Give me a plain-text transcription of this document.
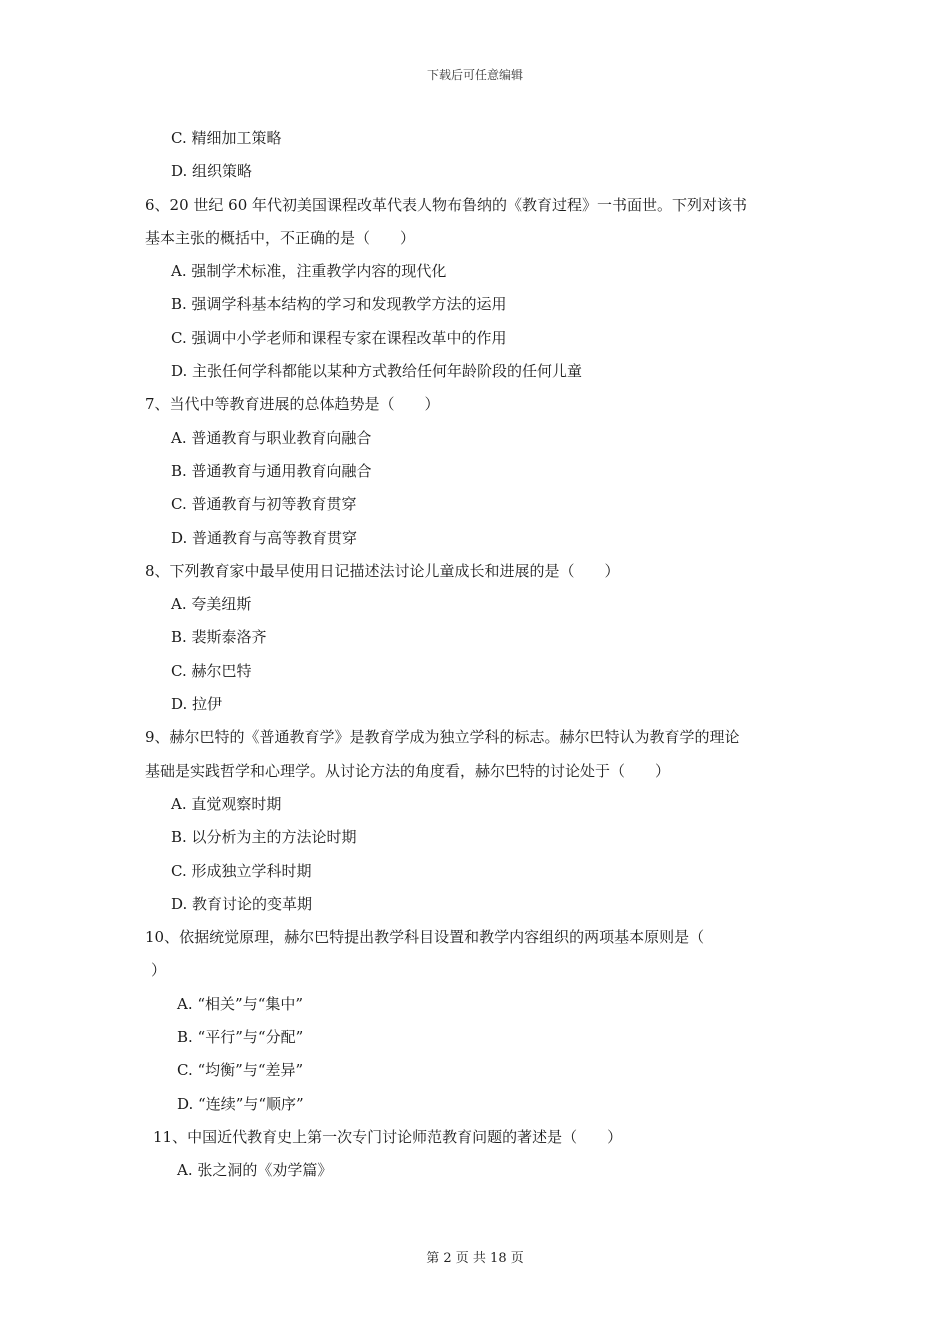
下载后可任意编辑
C. 精细加工策略
D. 组织策略
6、20 世纪 60 年代初美国课程改革代表人物布鲁纳的《教育过程》一书面世。下列对该书
基本主张的概括中，不正确的是（　　）
A. 强制学术标准，注重教学内容的现代化
B. 强调学科基本结构的学习和发现教学方法的运用
C. 强调中小学老师和课程专家在课程改革中的作用
D. 主张任何学科都能以某种方式教给任何年龄阶段的任何儿童
7、当代中等教育进展的总体趋势是（　　）
A. 普通教育与职业教育向融合
B. 普通教育与通用教育向融合
C. 普通教育与初等教育贯穿
D. 普通教育与高等教育贯穿
8、下列教育家中最早使用日记描述法讨论儿童成长和进展的是（　　）
A. 夸美纽斯
B. 裴斯泰洛齐
C. 赫尔巴特
D. 拉伊
9、赫尔巴特的《普通教育学》是教育学成为独立学科的标志。赫尔巴特认为教育学的理论
基础是实践哲学和心理学。从讨论方法的角度看，赫尔巴特的讨论处于（　　）
A. 直觉观察时期
B. 以分析为主的方法论时期
C. 形成独立学科时期
D. 教育讨论的变革期
10、依据统觉原理，赫尔巴特提出教学科目设置和教学内容组织的两项基本原则是（
）
A. “相关”与“集中”
B. “平行”与“分配”
C. “均衡”与“差异”
D. “连续”与“顺序”
11、中国近代教育史上第一次专门讨论师范教育问题的著述是（　　）
A. 张之洞的《劝学篇》
第 2 页 共 18 页
